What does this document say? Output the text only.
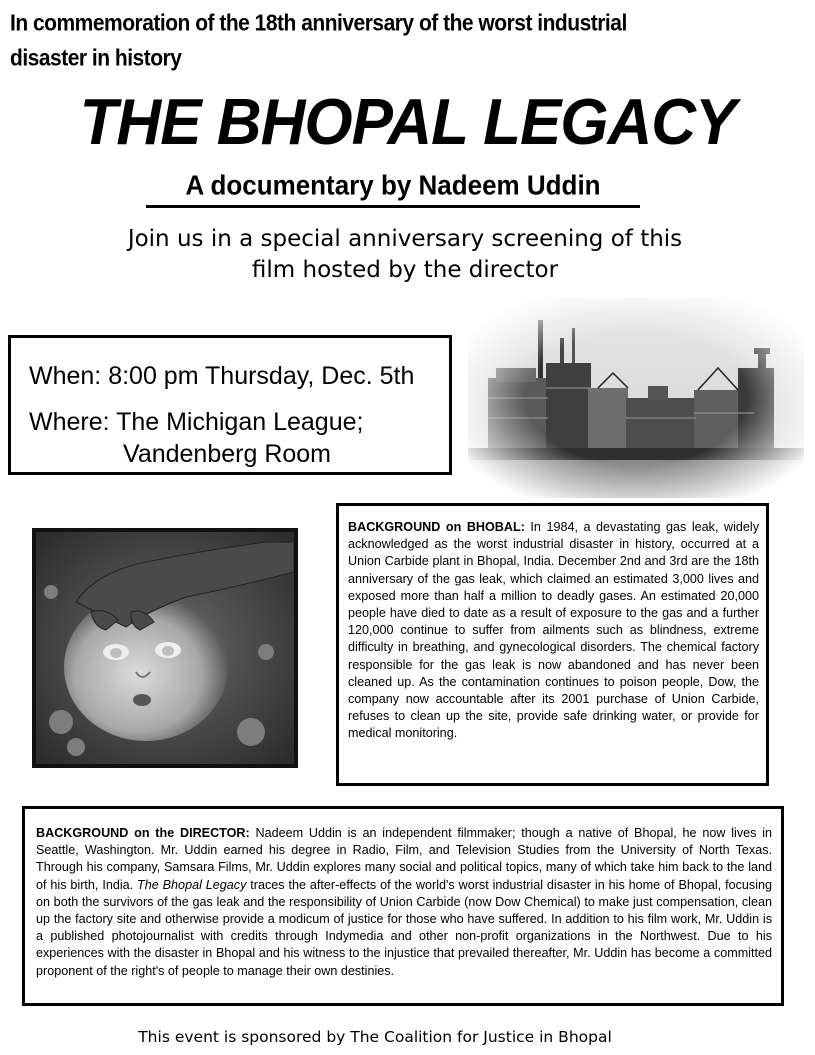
In commemoration of the 18th anniversary of the worst industrial disaster in history
THE BHOPAL LEGACY
A documentary by Nadeem Uddin
Join us in a special anniversary screening of this
film hosted by the director
When: 8:00 pm Thursday, Dec. 5th
Where: The Michigan League;
Vandenberg Room
BACKGROUND on BHOBAL: In 1984, a devastating gas leak, widely acknowledged as the worst industrial disaster in history, occurred at a Union Carbide plant in Bhopal, India. December 2nd and 3rd are the 18th anniversary of the gas leak, which claimed an estimated 3,000 lives and exposed more than half a million to deadly gases. An estimated 20,000 people have died to date as a result of exposure to the gas and a further 120,000 continue to suffer from ailments such as blindness, extreme difficulty in breathing, and gynecological disorders. The chemical factory responsible for the gas leak is now abandoned and has never been cleaned up. As the contamination continues to poison people, Dow, the company now accountable after its 2001 purchase of Union Carbide, refuses to clean up the site, provide safe drinking water, or provide for medical monitoring.
BACKGROUND on the DIRECTOR: Nadeem Uddin is an independent filmmaker; though a native of Bhopal, he now lives in Seattle, Washington. Mr. Uddin earned his degree in Radio, Film, and Television Studies from the University of North Texas. Through his company, Samsara Films, Mr. Uddin explores many social and political topics, many of which take him back to the land of his birth, India. The Bhopal Legacy traces the after-effects of the world's worst industrial disaster in his home of Bhopal, focusing on both the survivors of the gas leak and the responsibility of Union Carbide (now Dow Chemical) to make just compensation, clean up the factory site and otherwise provide a modicum of justice for those who have suffered. In addition to his film work, Mr. Uddin is a published photojournalist with credits through Indymedia and other non-profit organizations in the Northwest. Due to his experiences with the disaster in Bhopal and his witness to the injustice that prevailed thereafter, Mr. Uddin has become a committed proponent of the right's of people to manage their own destinies.
This event is sponsored by The Coalition for Justice in Bhopal
